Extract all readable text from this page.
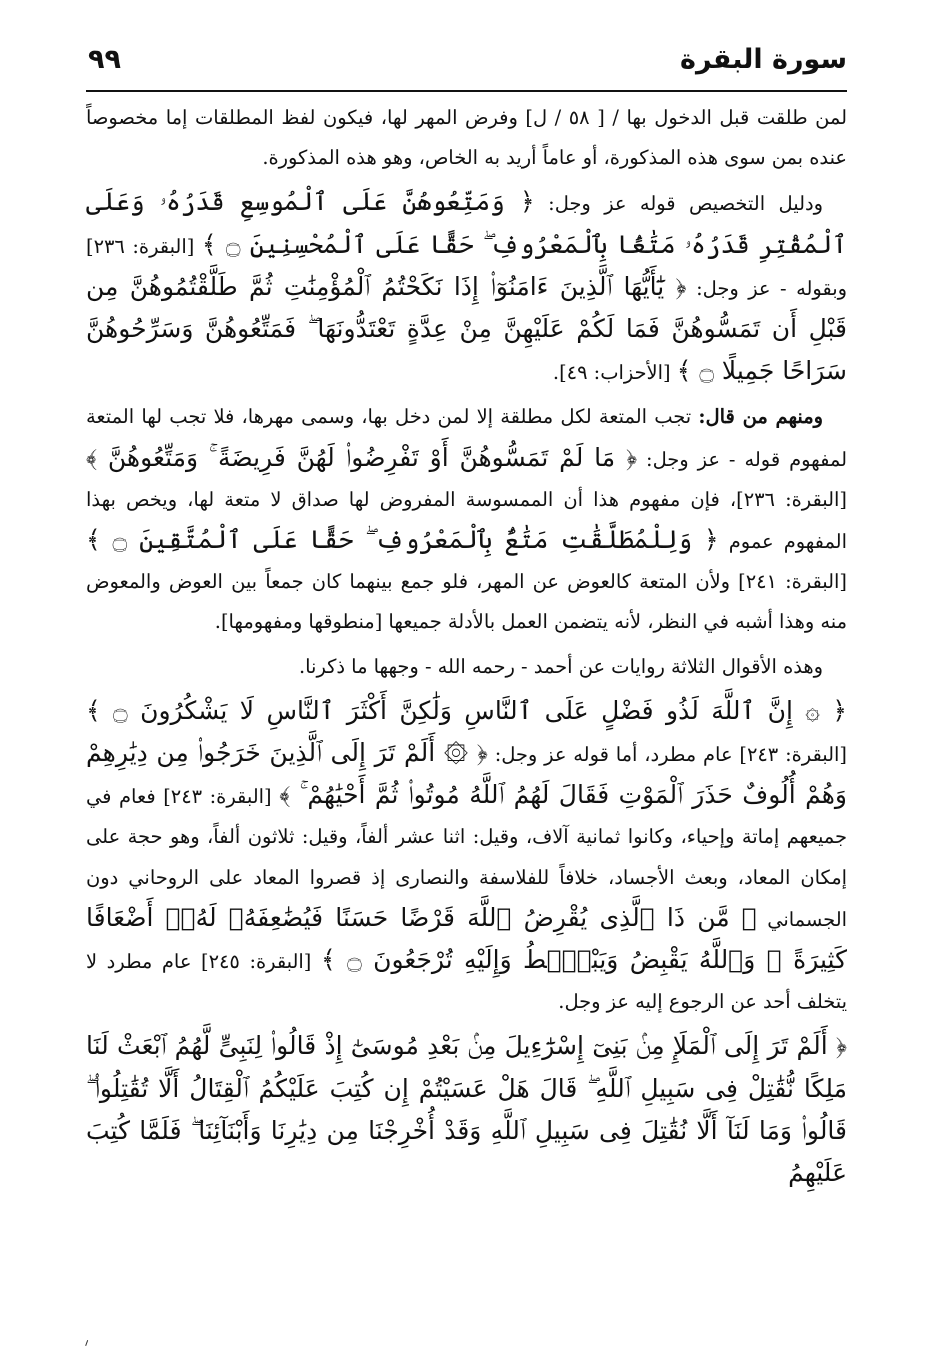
٩٩	سورة البقرة

لمن طلقت قبل الدخول بها / [ ٥٨ / ل] وفرض المهر لها، فيكون لفظ المطلقات إما مخصوصاً عنده بمن سوى هذه المذكورة، أو عاماً أريد به الخاص، وهو هذه المذكورة.

ودليل التخصيص قوله عز وجل: ﴿ وَمَتِّعُوهُنَّ عَلَى ٱلْمُوسِعِ قَدَرُهُۥ وَعَلَى ٱلْمُقْتِرِ قَدَرُهُۥ مَتَٰعًۢا بِٱلْمَعْرُوفِ ۖ حَقًّا عَلَى ٱلْمُحْسِنِينَ ۝ ﴾ [البقرة: ٢٣٦] وبقوله - عز وجل: ﴿ يَٰٓأَيُّهَا ٱلَّذِينَ ءَامَنُوٓا۟ إِذَا نَكَحْتُمُ ٱلْمُؤْمِنَٰتِ ثُمَّ طَلَّقْتُمُوهُنَّ مِن قَبْلِ أَن تَمَسُّوهُنَّ فَمَا لَكُمْ عَلَيْهِنَّ مِنْ عِدَّةٍ تَعْتَدُّونَهَا ۖ فَمَتِّعُوهُنَّ وَسَرِّحُوهُنَّ سَرَاحًا جَمِيلًا ۝ ﴾ [الأحزاب: ٤٩].

ومنهم من قال: تجب المتعة لكل مطلقة إلا لمن دخل بها، وسمى مهرها، فلا تجب لها المتعة لمفهوم قوله - عز وجل: ﴿ مَا لَمْ تَمَسُّوهُنَّ أَوْ تَفْرِضُوا۟ لَهُنَّ فَرِيضَةً ۚ وَمَتِّعُوهُنَّ ﴾ [البقرة: ٢٣٦]، فإن مفهوم هذا أن الممسوسة المفروض لها صداق لا متعة لها، ويخص بهذا المفهوم عموم ﴿ وَلِلْمُطَلَّقَٰتِ مَتَٰعٌۢ بِٱلْمَعْرُوفِ ۖ حَقًّا عَلَى ٱلْمُتَّقِينَ ۝ ﴾ [البقرة: ٢٤١] ولأن المتعة كالعوض عن المهر، فلو جمع بينهما كان جمعاً بين العوض والمعوض منه وهذا أشبه في النظر، لأنه يتضمن العمل بالأدلة جميعها [منطوقها ومفهومها].

وهذه الأقوال الثلاثة روايات عن أحمد - رحمه الله - وجهها ما ذكرنا.

﴿ ۞ إِنَّ ٱللَّهَ لَذُو فَضْلٍ عَلَى ٱلنَّاسِ وَلَٰكِنَّ أَكْثَرَ ٱلنَّاسِ لَا يَشْكُرُونَ ۝ ﴾ [البقرة: ٢٤٣] عام مطرد، أما قوله عز وجل: ﴿ ۞ أَلَمْ تَرَ إِلَى ٱلَّذِينَ خَرَجُوا۟ مِن دِيَٰرِهِمْ وَهُمْ أُلُوفٌ حَذَرَ ٱلْمَوْتِ فَقَالَ لَهُمُ ٱللَّهُ مُوتُوا۟ ثُمَّ أَحْيَٰهُمْ ۚ ﴾ [البقرة: ٢٤٣] فعام في جميعهم إماتة وإحياء، وكانوا ثمانية آلاف، وقيل: اثنا عشر ألفاً، وقيل: ثلاثون ألفاً، وهو حجة على إمكان المعاد، وبعث الأجساد، خلافاً للفلاسفة والنصارى إذ قصروا المعاد على الروحاني دون الجسماني ﴿ مَّن ذَا ٱلَّذِى يُقْرِضُ ٱللَّهَ قَرْضًا حَسَنًا فَيُضَٰعِفَهُۥ لَهُۥٓ أَضْعَافًا كَثِيرَةً ۚ وَٱللَّهُ يَقْبِضُ وَيَبْصُۜطُ وَإِلَيْهِ تُرْجَعُونَ ۝ ﴾ [البقرة: ٢٤٥] عام مطرد لا يتخلف أحد عن الرجوع إليه عز وجل.

﴿ أَلَمْ تَرَ إِلَى ٱلْمَلَإِ مِنۢ بَنِىٓ إِسْرَٰٓءِيلَ مِنۢ بَعْدِ مُوسَىٰٓ إِذْ قَالُوا۟ لِنَبِىٍّ لَّهُمُ ٱبْعَثْ لَنَا مَلِكًا نُّقَٰتِلْ فِى سَبِيلِ ٱللَّهِ ۖ قَالَ هَلْ عَسَيْتُمْ إِن كُتِبَ عَلَيْكُمُ ٱلْقِتَالُ أَلَّا تُقَٰتِلُوا۟ ۖ قَالُوا۟ وَمَا لَنَآ أَلَّا نُقَٰتِلَ فِى سَبِيلِ ٱللَّهِ وَقَدْ أُخْرِجْنَا مِن دِيَٰرِنَا وَأَبْنَآئِنَا ۖ فَلَمَّا كُتِبَ عَلَيْهِمُ
